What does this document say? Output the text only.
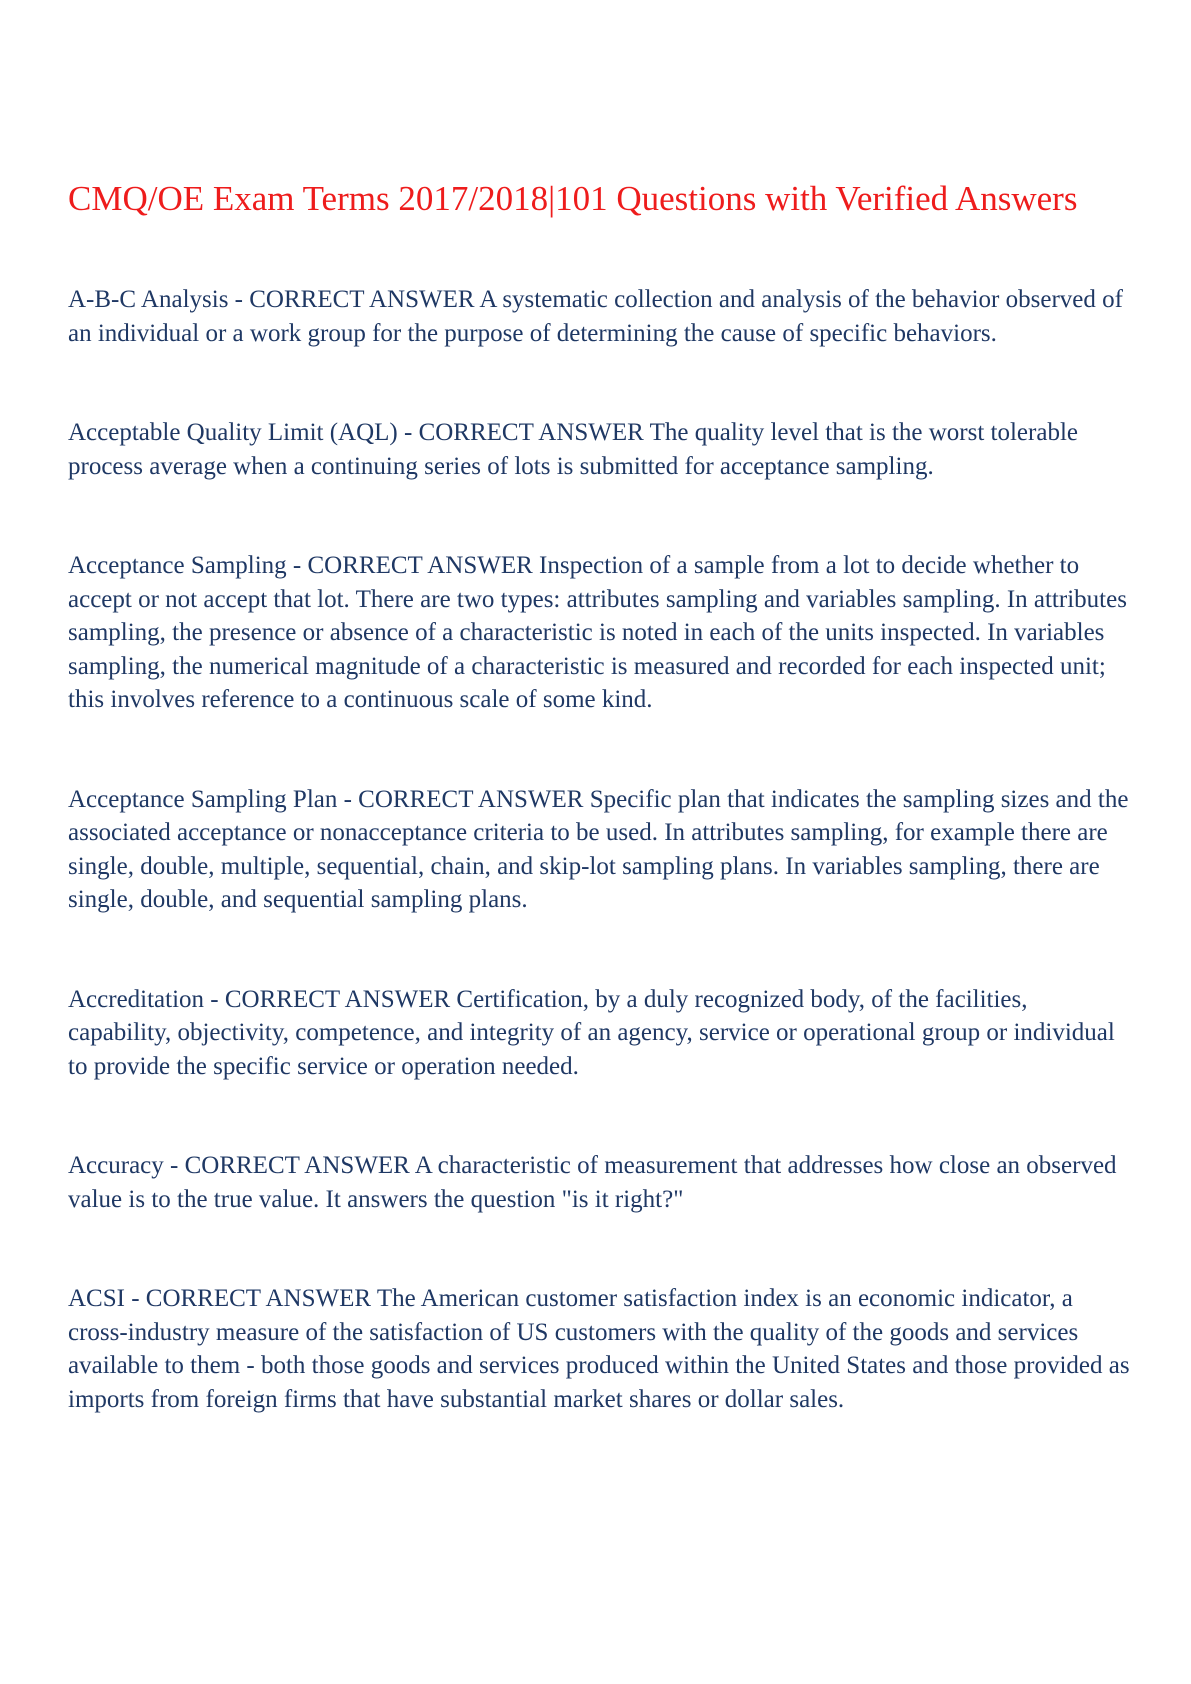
CMQ/OE Exam Terms 2017/2018|101 Questions with Verified Answers

A-B-C Analysis - CORRECT ANSWER A systematic collection and analysis of the behavior observed of an individual or a work group for the purpose of determining the cause of specific behaviors.

Acceptable Quality Limit (AQL) - CORRECT ANSWER The quality level that is the worst tolerable process average when a continuing series of lots is submitted for acceptance sampling.

Acceptance Sampling - CORRECT ANSWER Inspection of a sample from a lot to decide whether to accept or not accept that lot. There are two types: attributes sampling and variables sampling. In attributes sampling, the presence or absence of a characteristic is noted in each of the units inspected. In variables sampling, the numerical magnitude of a characteristic is measured and recorded for each inspected unit; this involves reference to a continuous scale of some kind.

Acceptance Sampling Plan - CORRECT ANSWER Specific plan that indicates the sampling sizes and the associated acceptance or nonacceptance criteria to be used. In attributes sampling, for example there are single, double, multiple, sequential, chain, and skip-lot sampling plans. In variables sampling, there are single, double, and sequential sampling plans.

Accreditation - CORRECT ANSWER Certification, by a duly recognized body, of the facilities, capability, objectivity, competence, and integrity of an agency, service or operational group or individual to provide the specific service or operation needed.

Accuracy - CORRECT ANSWER A characteristic of measurement that addresses how close an observed value is to the true value. It answers the question "is it right?"

ACSI - CORRECT ANSWER The American customer satisfaction index is an economic indicator, a cross-industry measure of the satisfaction of US customers with the quality of the goods and services available to them - both those goods and services produced within the United States and those provided as imports from foreign firms that have substantial market shares or dollar sales.
